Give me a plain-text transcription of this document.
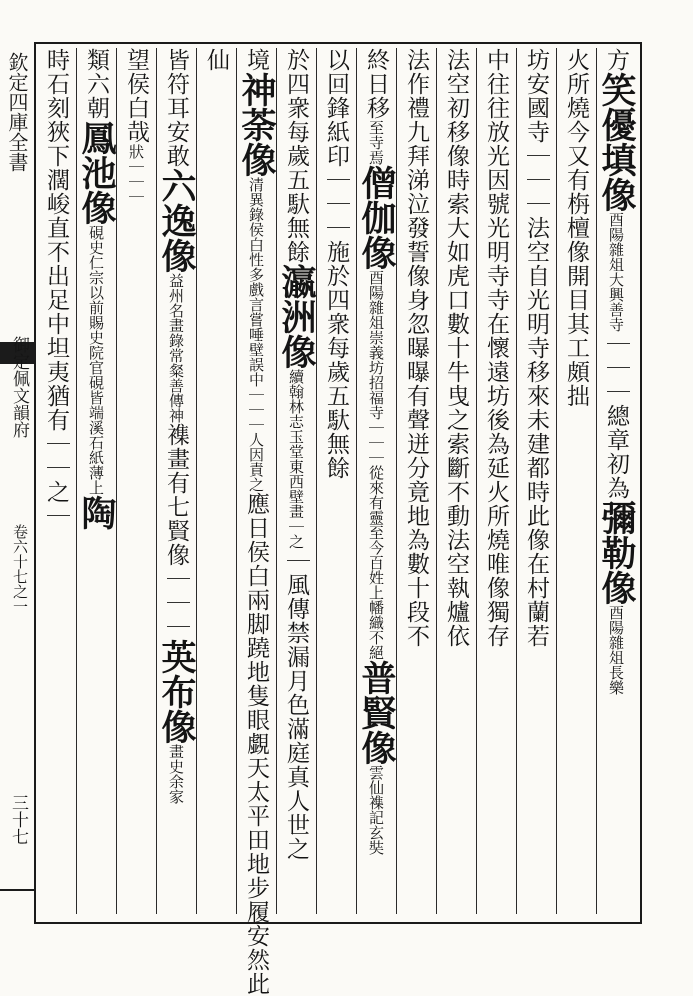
欽定四庫全書
御定佩文韻府
卷六十七之一
三十七
方笑優填像酉陽雜俎大興善寺｜｜｜總章初為彌勒像酉陽雜俎長樂
火所燒今又有栴檀像開目其工頗拙
坊安國寺｜｜｜法空自光明寺移來未建都時此像在村蘭若
中往往放光因號光明寺寺在懷遠坊後為延火所燒唯像獨存
法空初移像時索大如虎口數十牛曳之索斷不動法空執爐依
法作禮九拜涕泣發誓像身忽曝曝有聲迸分竟地為數十段不
終日移至寺焉僧伽像酉陽雜俎崇義坊招福寺｜｜｜從來有靈至今百姓上幡織不絕普賢像雲仙襍記玄奘
以回鋒紙印｜｜｜施於四衆每歲五馱無餘
於四衆每歲五馱無餘瀛洲像續翰林志玉堂東西壁畫｜之｜風傳禁漏月色滿庭真人世之
境神荼像清異錄侯白性多戲言嘗唾壁誤中｜｜｜人因責之應日侯白兩脚蹺地隻眼覷天太平田地步履安然此
仙
皆符耳安敢六逸像益州名畫錄常粲善傳神襍畫有七賢像｜｜｜英布像畫史余家
望侯白哉狀｜｜｜
類六朝鳳池像硯史仁宗以前賜史院官硯皆端溪石紙薄上陶
時石刻狹下濶峻直不出足中坦夷猶有｜｜之｜
